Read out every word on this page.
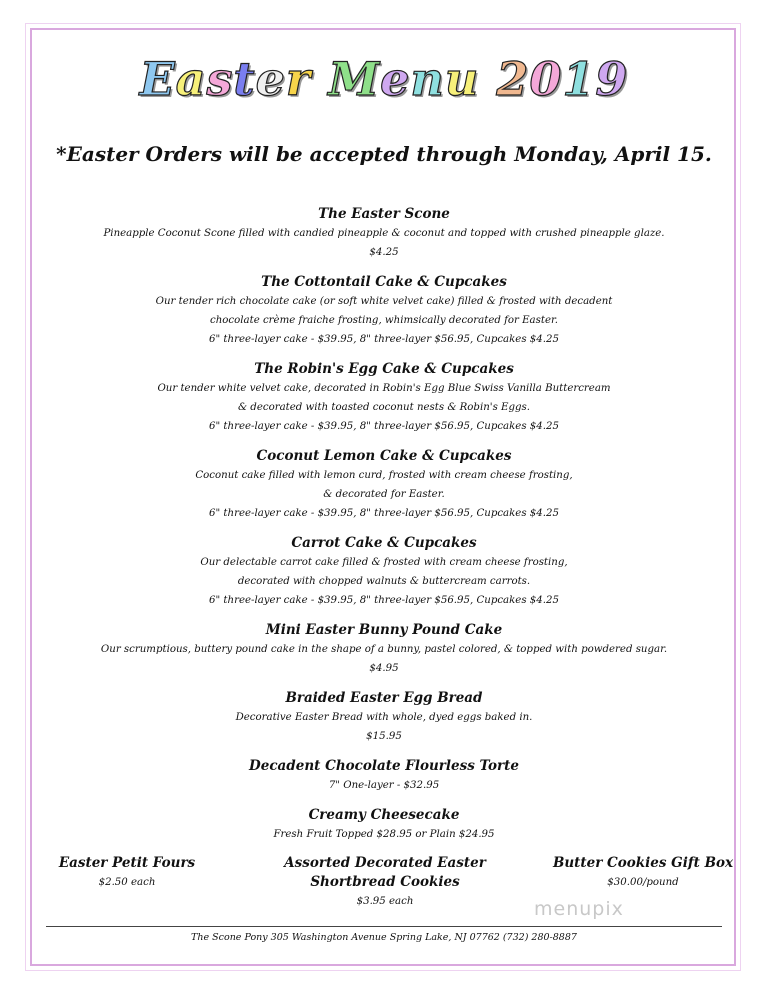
Easter Menu 2019
*Easter Orders will be accepted through Monday, April 15.
The Easter Scone
Pineapple Coconut Scone filled with candied pineapple & coconut and topped with crushed pineapple glaze.
$4.25
The Cottontail Cake & Cupcakes
Our tender rich chocolate cake (or soft white velvet cake) filled & frosted with decadent
chocolate crème fraiche frosting, whimsically decorated for Easter.
6" three-layer cake - $39.95, 8" three-layer $56.95, Cupcakes $4.25
The Robin's Egg Cake & Cupcakes
Our tender white velvet cake, decorated in Robin's Egg Blue Swiss Vanilla Buttercream
& decorated with toasted coconut nests & Robin's Eggs.
6" three-layer cake - $39.95, 8" three-layer $56.95, Cupcakes $4.25
Coconut Lemon Cake & Cupcakes
Coconut cake filled with lemon curd, frosted with cream cheese frosting,
& decorated for Easter.
6" three-layer cake - $39.95, 8" three-layer $56.95, Cupcakes $4.25
Carrot Cake & Cupcakes
Our delectable carrot cake filled & frosted with cream cheese frosting,
decorated with chopped walnuts & buttercream carrots.
6" three-layer cake - $39.95, 8" three-layer $56.95, Cupcakes $4.25
Mini Easter Bunny Pound Cake
Our scrumptious, buttery pound cake in the shape of a bunny, pastel colored, & topped with powdered sugar.
$4.95
Braided Easter Egg Bread
Decorative Easter Bread with whole, dyed eggs baked in.
$15.95
Decadent Chocolate Flourless Torte
7" One-layer - $32.95
Creamy Cheesecake
Fresh Fruit Topped $28.95 or Plain $24.95
Easter Petit Fours
$2.50 each
Assorted Decorated Easter
Shortbread Cookies
$3.95 each
Butter Cookies Gift Box
$30.00/pound
menupix
The Scone Pony 305 Washington Avenue Spring Lake, NJ 07762 (732) 280-8887
